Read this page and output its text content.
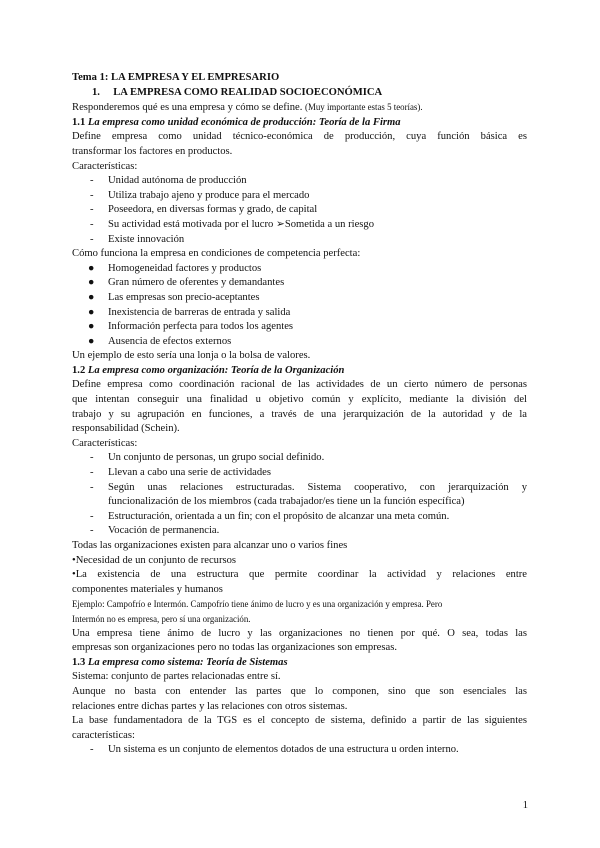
Tema 1: LA EMPRESA Y EL EMPRESARIO
1.     LA EMPRESA COMO REALIDAD SOCIOECONÓMICA
Responderemos qué es una empresa y cómo se define. (Muy importante estas 5 teorías).
1.1 La empresa como unidad económica de producción: Teoría de la Firma
Define empresa como unidad técnico-económica de producción, cuya función básica es
transformar los factores en productos.
Características:
- Unidad autónoma de producción
- Utiliza trabajo ajeno y produce para el mercado
- Poseedora, en diversas formas y grado, de capital
- Su actividad está motivada por el lucro ➢Sometida a un riesgo
- Existe innovación
Cómo funciona la empresa en condiciones de competencia perfecta:
● Homogeneidad factores y productos
● Gran número de oferentes y demandantes
● Las empresas son precio-aceptantes
● Inexistencia de barreras de entrada y salida
● Información perfecta para todos los agentes
● Ausencia de efectos externos
Un ejemplo de esto sería una lonja o la bolsa de valores.
1.2 La empresa como organización: Teoría de la Organización
Define empresa como coordinación racional de las actividades de un cierto número de personas
que intentan conseguir una finalidad u objetivo común y explícito, mediante la división del
trabajo y su agrupación en funciones, a través de una jerarquización de la autoridad y de la
responsabilidad (Schein).
Características:
- Un conjunto de personas, un grupo social definido.
- Llevan a cabo una serie de actividades
- Según unas relaciones estructuradas. Sistema cooperativo, con jerarquización y
funcionalización de los miembros (cada trabajador/es tiene un la función específica)
- Estructuración, orientada a un fin; con el propósito de alcanzar una meta común.
- Vocación de permanencia.
Todas las organizaciones existen para alcanzar uno o varios fines
•Necesidad de un conjunto de recursos
•La existencia de una estructura que permite coordinar la actividad y relaciones entre
componentes materiales y humanos
Ejemplo: Campofrío e Intermón. Campofrío tiene ánimo de lucro y es una organización y empresa. Pero
Intermón no es empresa, pero sí una organización.
Una empresa tiene ánimo de lucro y las organizaciones no tienen por qué. O sea, todas las
empresas son organizaciones pero no todas las organizaciones son empresas.
1.3 La empresa como sistema: Teoría de Sistemas
Sistema: conjunto de partes relacionadas entre sí.
Aunque no basta con entender las partes que lo componen, sino que son esenciales las
relaciones entre dichas partes y las relaciones con otros sistemas.
La base fundamentadora de la TGS es el concepto de sistema, definido a partir de las siguientes
características:
- Un sistema es un conjunto de elementos dotados de una estructura u orden interno.
1
